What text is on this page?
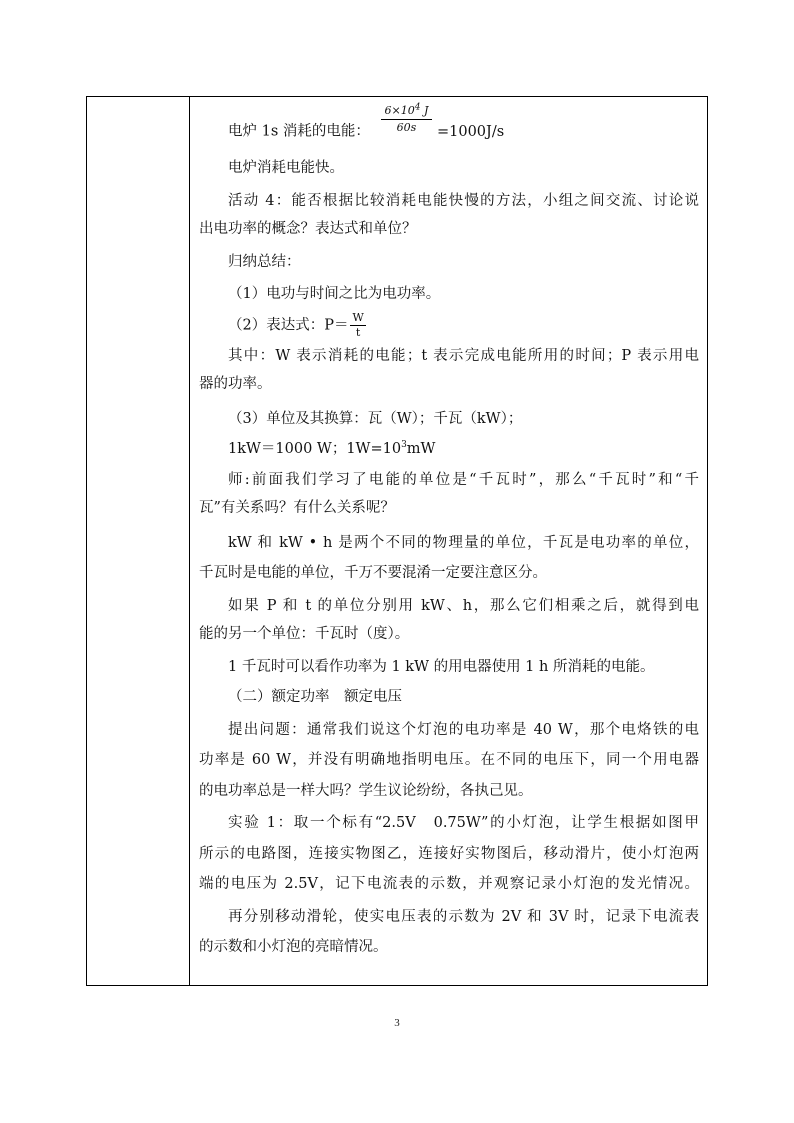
电炉 1s 消耗的电能： $\frac{6\times 10^4 J}{60s} =1000J/s$
电炉消耗电能快。
活动 4：能否根据比较消耗电能快慢的方法，小组之间交流、讨论说
出电功率的概念？表达式和单位？
归纳总结：
（1）电功与时间之比为电功率。
（2）表达式：$P= \frac{W}{t}$
其中：W 表示消耗的电能；t 表示完成电能所用的时间；P 表示用电
器的功率。
（3）单位及其换算：瓦（W）；千瓦（kW）；
1kW＝1000 W；$1W=10^3mW$
师:前面我们学习了电能的单位是“千瓦时”，那么“千瓦时”和“千
瓦”有关系吗？有什么关系呢？
kW 和 kW • h 是两个不同的物理量的单位，千瓦是电功率的单位，
千瓦时是电能的单位，千万不要混淆一定要注意区分。
如果 P 和 t 的单位分别用 kW、h，那么它们相乘之后，就得到电
能的另一个单位：千瓦时（度）。
1 千瓦时可以看作功率为 1 kW 的用电器使用 1 h 所消耗的电能。
（二）额定功率　额定电压
提出问题：通常我们说这个灯泡的电功率是 40 W，那个电烙铁的电
功率是 60 W，并没有明确地指明电压。在不同的电压下，同一个用电器
的电功率总是一样大吗？学生议论纷纷，各执己见。
实验 1：取一个标有“2.5V　0.75W”的小灯泡，让学生根据如图甲
所示的电路图，连接实物图乙，连接好实物图后，移动滑片，使小灯泡两
端的电压为 2.5V，记下电流表的示数，并观察记录小灯泡的发光情况。
再分别移动滑轮，使实电压表的示数为 2V 和 3V 时，记录下电流表
的示数和小灯泡的亮暗情况。
3
